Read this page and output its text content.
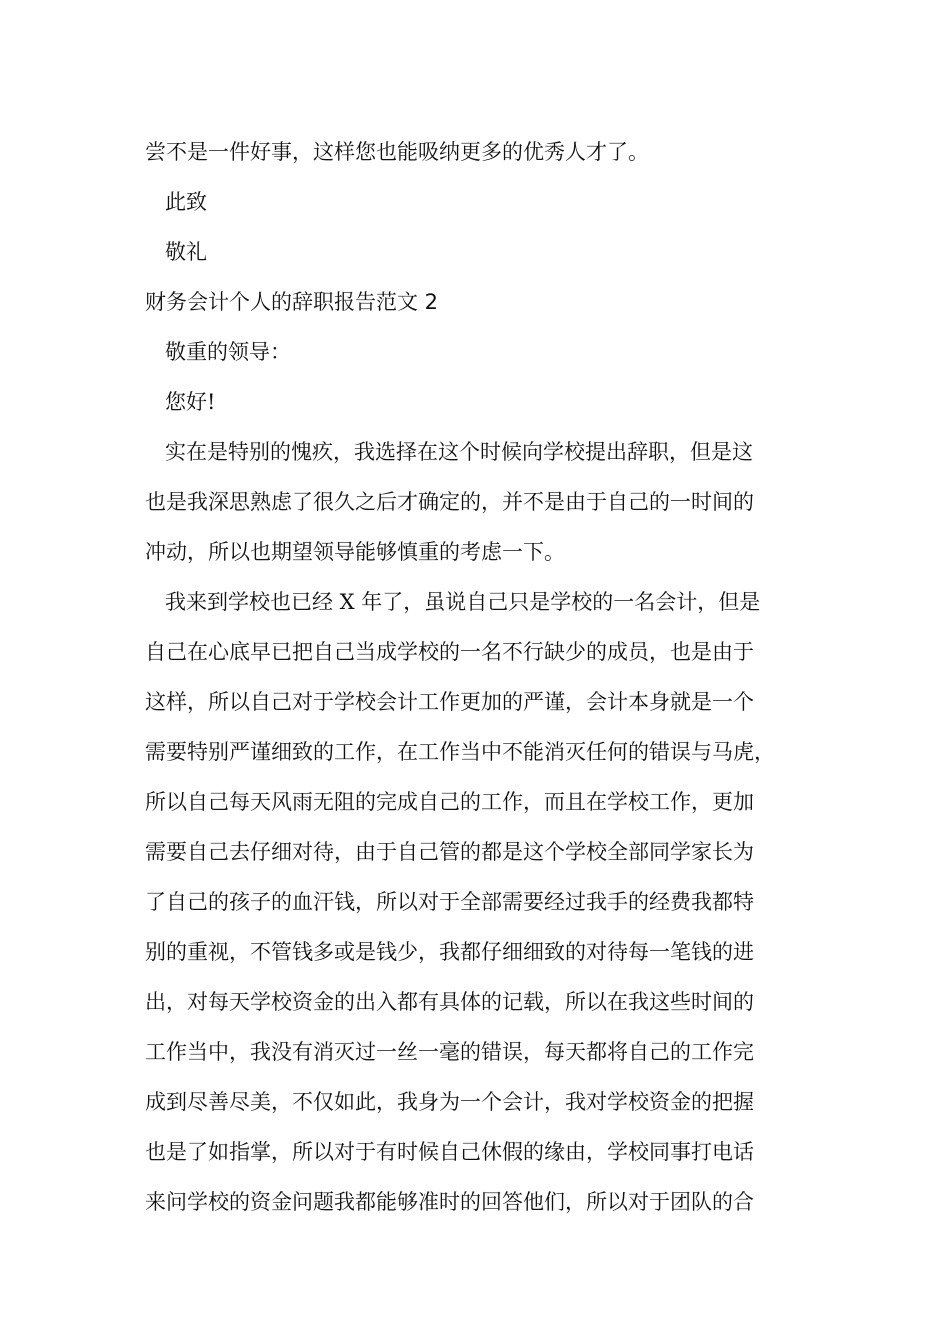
尝不是一件好事，这样您也能吸纳更多的优秀人才了。
此致
敬礼
财务会计个人的辞职报告范文 2
敬重的领导：
您好!
实在是特别的愧疚，我选择在这个时候向学校提出辞职，但是这
也是我深思熟虑了很久之后才确定的，并不是由于自己的一时间的
冲动，所以也期望领导能够慎重的考虑一下。
我来到学校也已经 X 年了，虽说自己只是学校的一名会计，但是
自己在心底早已把自己当成学校的一名不行缺少的成员，也是由于
这样，所以自己对于学校会计工作更加的严谨，会计本身就是一个
需要特别严谨细致的工作，在工作当中不能消灭任何的错误与马虎，
所以自己每天风雨无阻的完成自己的工作，而且在学校工作，更加
需要自己去仔细对待，由于自己管的都是这个学校全部同学家长为
了自己的孩子的血汗钱，所以对于全部需要经过我手的经费我都特
别的重视，不管钱多或是钱少，我都仔细细致的对待每一笔钱的进
出，对每天学校资金的出入都有具体的记载，所以在我这些时间的
工作当中，我没有消灭过一丝一毫的错误，每天都将自己的工作完
成到尽善尽美，不仅如此，我身为一个会计，我对学校资金的把握
也是了如指掌，所以对于有时候自己休假的缘由，学校同事打电话
来问学校的资金问题我都能够准时的回答他们，所以对于团队的合
